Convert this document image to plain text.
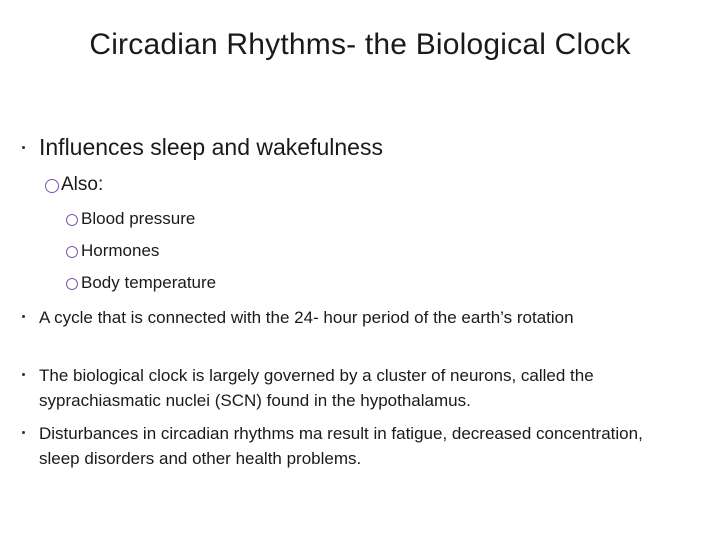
Circadian Rhythms- the Biological Clock
Influences sleep and wakefulness
Also:
Blood pressure
Hormones
Body temperature
A cycle that is connected with the 24- hour period of the earth’s rotation
The biological clock is largely governed by a cluster of neurons, called the syprachiasmatic nuclei (SCN) found in the hypothalamus.
Disturbances in circadian rhythms ma result in fatigue, decreased concentration, sleep disorders and other health problems.
